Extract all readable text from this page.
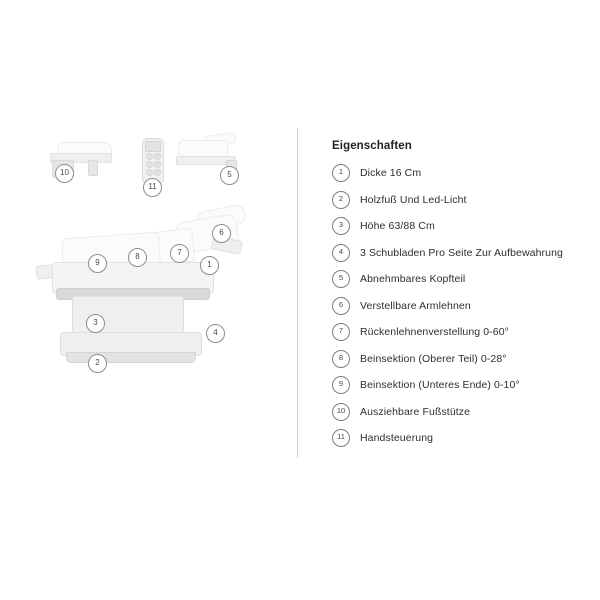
10
11
5
6
7
1
8
9
3
4
2
Eigenschaften
1	Dicke 16 Cm
2	Holzfuß Und Led-Licht
3	Höhe 63/88 Cm
4	3 Schubladen Pro Seite Zur Aufbewahrung
5	Abnehmbares Kopfteil
6	Verstellbare Armlehnen
7	Rückenlehnenverstellung 0-60°
8	Beinsektion (Oberer Teil) 0-28°
9	Beinsektion (Unteres Ende) 0-10°
10	Ausziehbare Fußstütze
11	Handsteuerung
